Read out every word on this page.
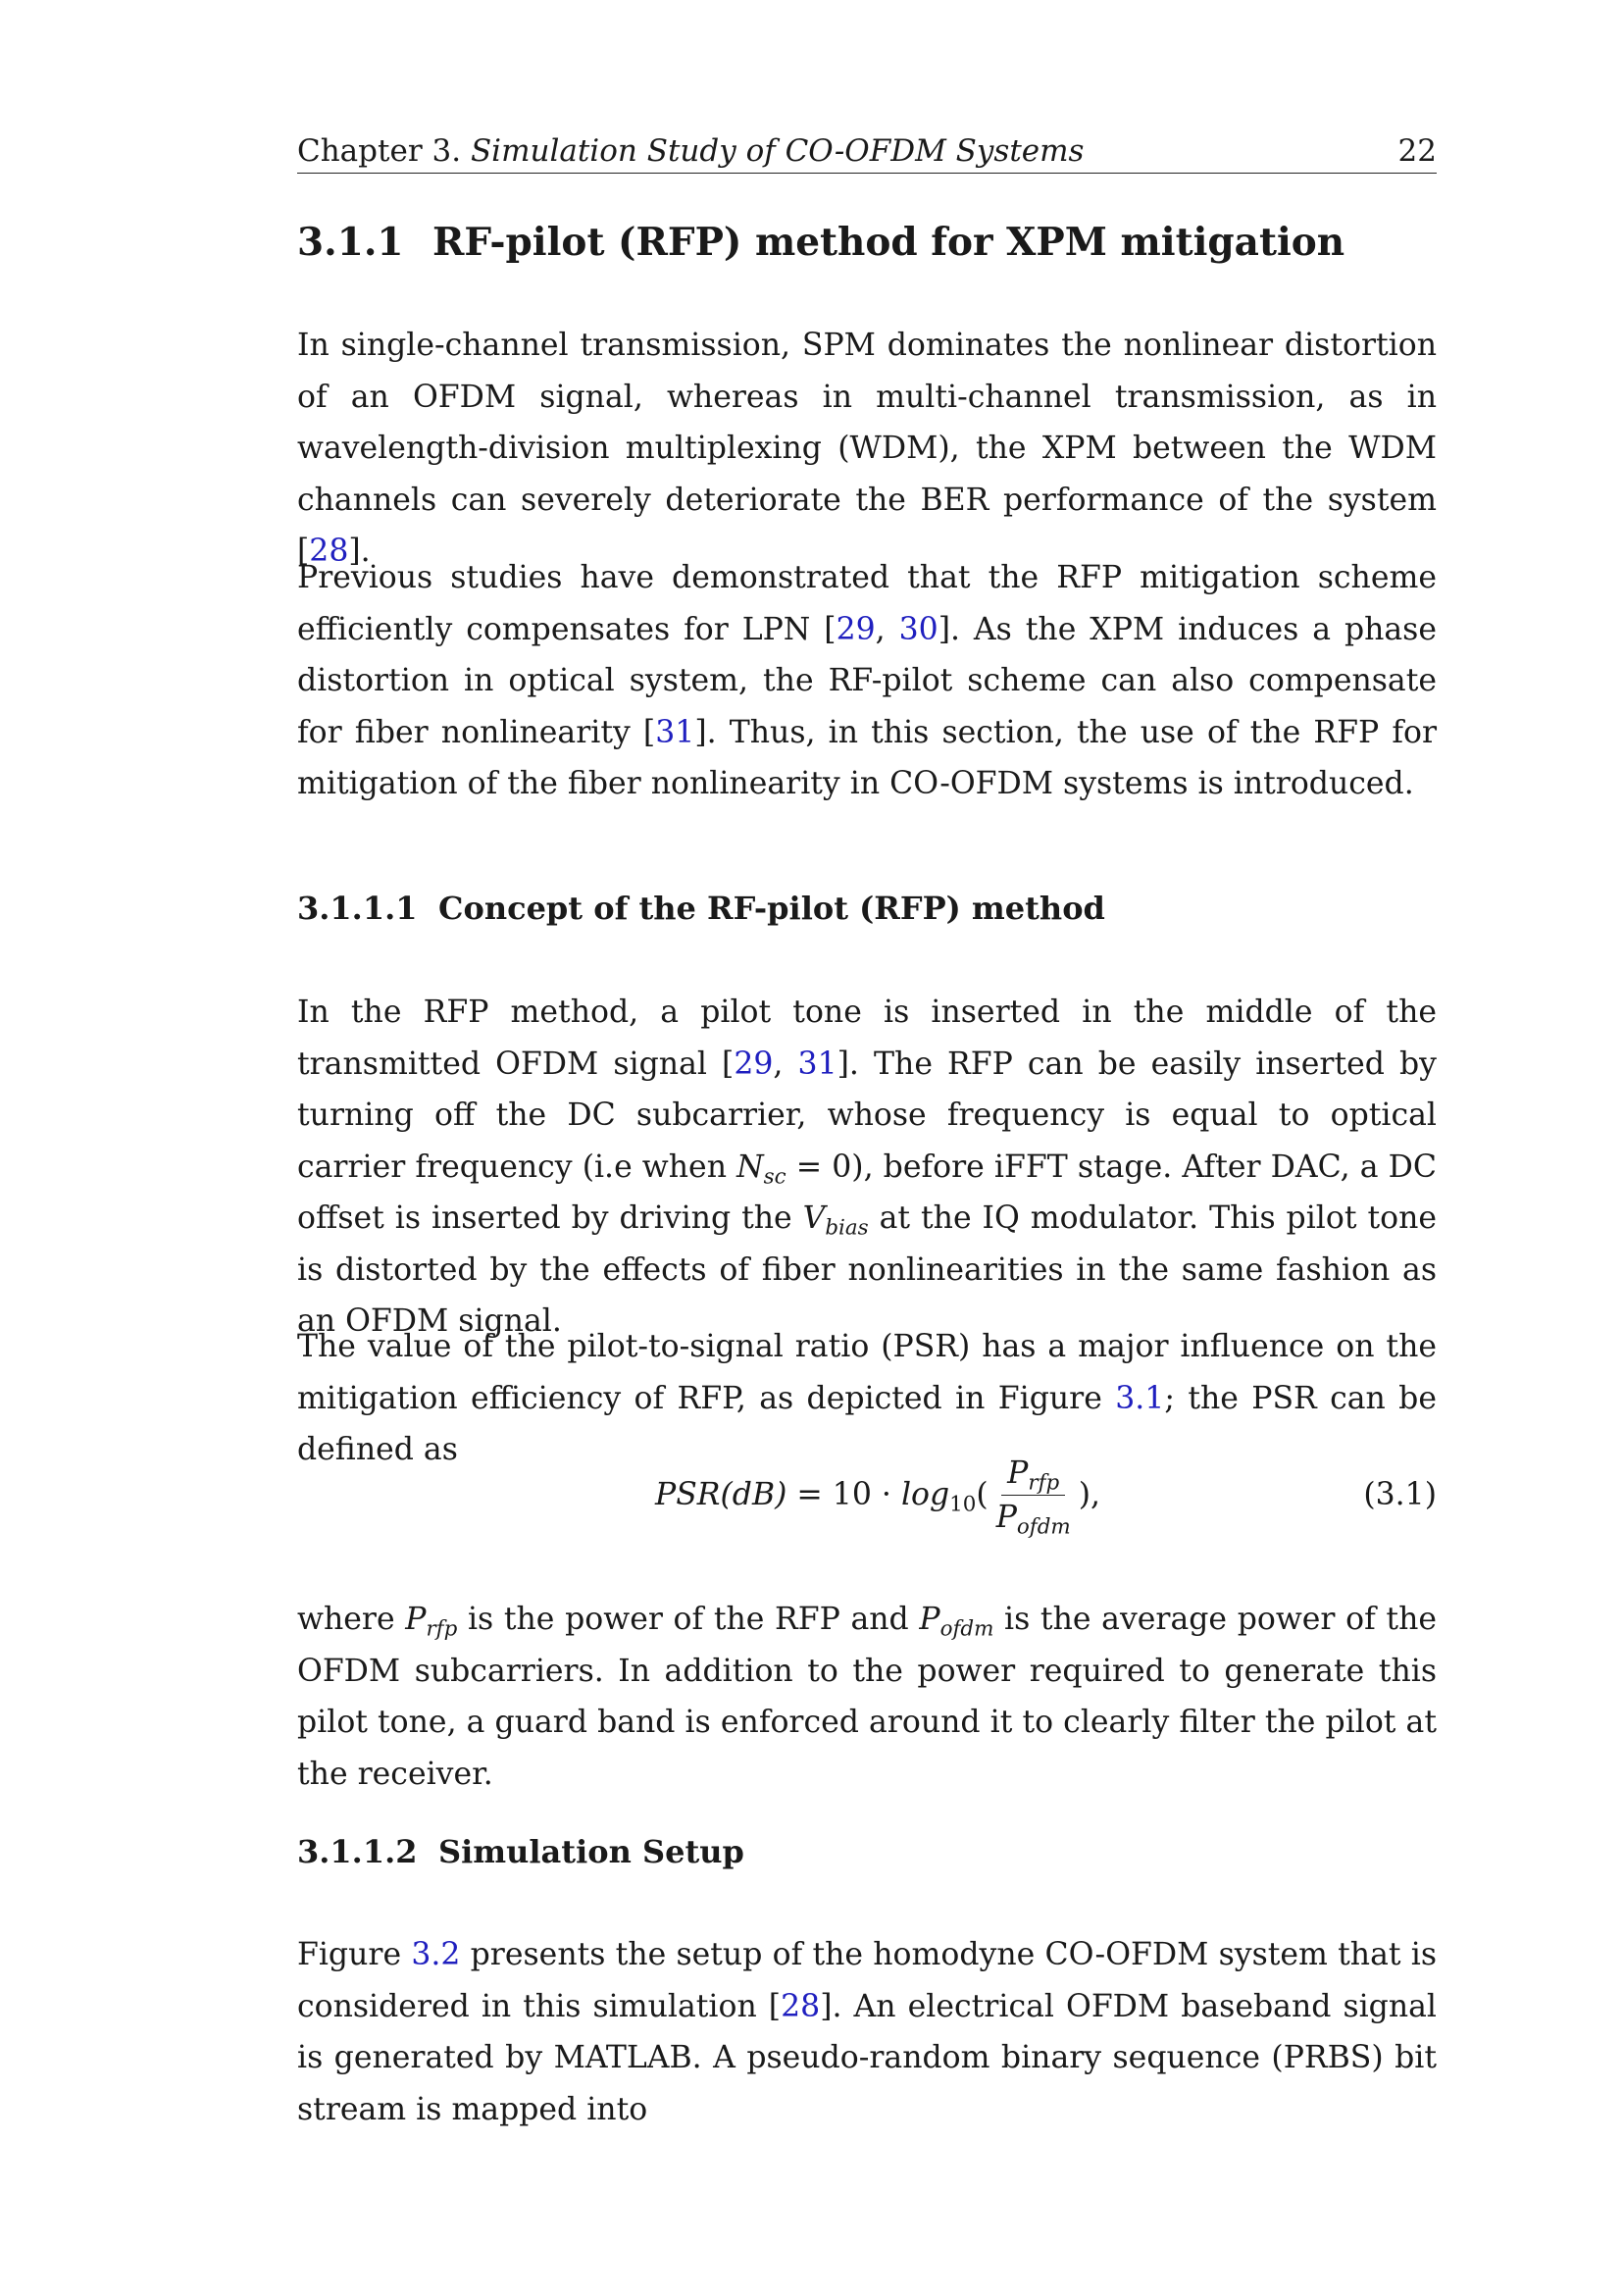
Chapter 3. Simulation Study of CO-OFDM Systems	22
3.1.1 RF-pilot (RFP) method for XPM mitigation

In single-channel transmission, SPM dominates the nonlinear distortion of an OFDM signal, whereas in multi-channel transmission, as in wavelength-division multiplexing (WDM), the XPM between the WDM channels can severely deteriorate the BER performance of the system [28].

Previous studies have demonstrated that the RFP mitigation scheme efficiently compensates for LPN [29, 30]. As the XPM induces a phase distortion in optical system, the RF-pilot scheme can also compensate for fiber nonlinearity [31]. Thus, in this section, the use of the RFP for mitigation of the fiber nonlinearity in CO-OFDM systems is introduced.

3.1.1.1 Concept of the RF-pilot (RFP) method

In the RFP method, a pilot tone is inserted in the middle of the transmitted OFDM signal [29, 31]. The RFP can be easily inserted by turning off the DC subcarrier, whose frequency is equal to optical carrier frequency (i.e when $N_{sc} = 0$), before iFFT stage. After DAC, a DC offset is inserted by driving the $V_{bias}$ at the IQ modulator. This pilot tone is distorted by the effects of fiber nonlinearities in the same fashion as an OFDM signal.

The value of the pilot-to-signal ratio (PSR) has a major influence on the mitigation efficiency of RFP, as depicted in Figure 3.1; the PSR can be defined as

$PSR(dB) = 10 \cdot \log_{10}$ ( $\frac{P_{rfp}}{P_{ofdm}}$ ),	(3.1)

where $P_{rfp}$ is the power of the RFP and $P_{ofdm}$ is the average power of the OFDM subcarriers. In addition to the power required to generate this pilot tone, a guard band is enforced around it to clearly filter the pilot at the receiver.

3.1.1.2 Simulation Setup

Figure 3.2 presents the setup of the homodyne CO-OFDM system that is considered in this simulation [28]. An electrical OFDM baseband signal is generated by MATLAB. A pseudo-random binary sequence (PRBS) bit stream is mapped into
